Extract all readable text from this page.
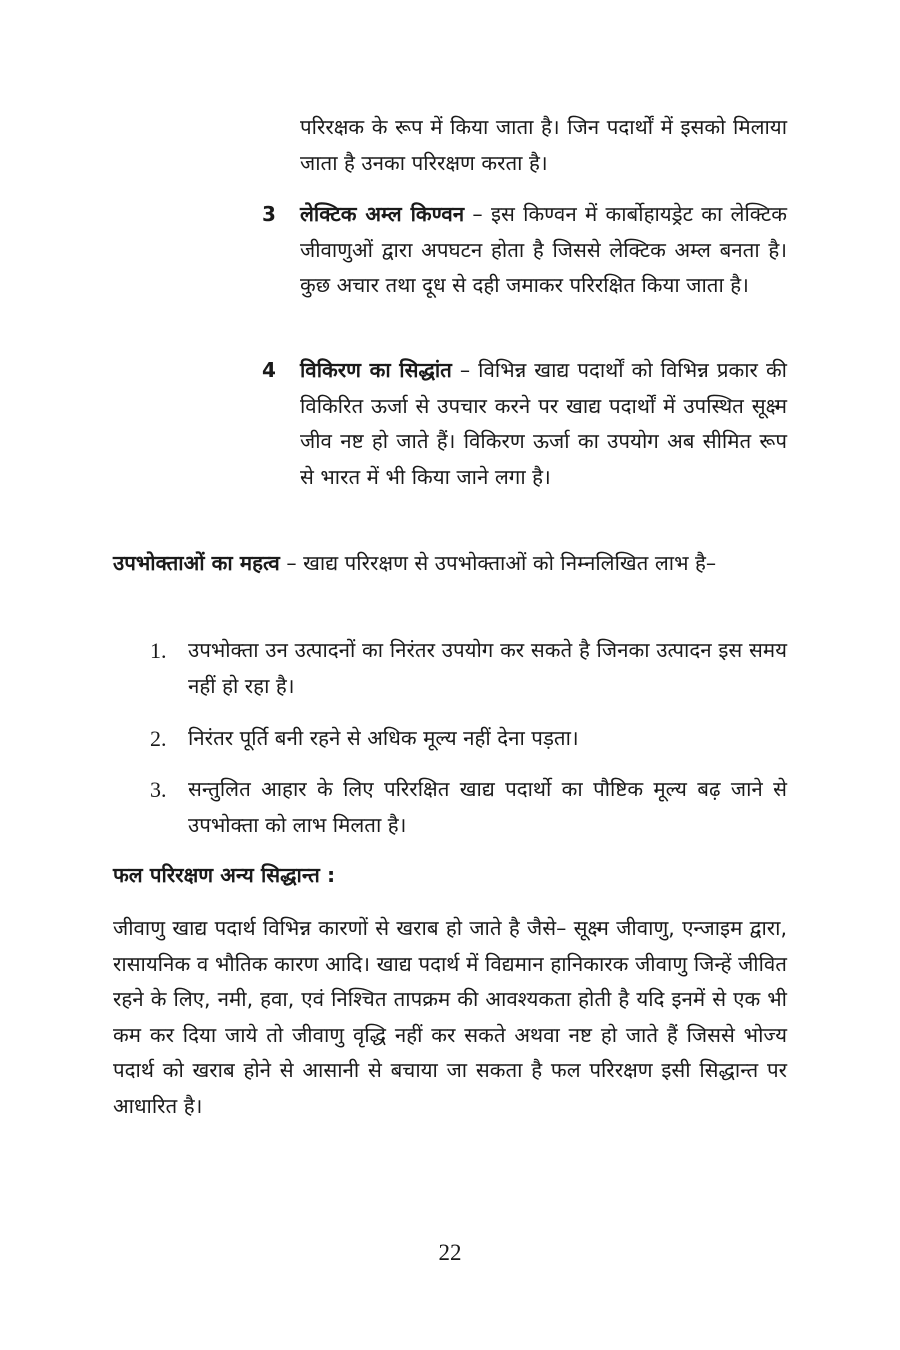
परिरक्षक के रूप में किया जाता है। जिन पदार्थों में इसको मिलाया जाता है उनका परिरक्षण करता है।

3	लेक्टिक अम्ल किण्वन – इस किण्वन में कार्बोहायड्रेट का लेक्टिक जीवाणुओं द्वारा अपघटन होता है जिससे लेक्टिक अम्ल बनता है। कुछ अचार तथा दूध से दही जमाकर परिरक्षित किया जाता है।

4	विकिरण का सिद्धांत – विभिन्न खाद्य पदार्थों को विभिन्न प्रकार की विकिरित ऊर्जा से उपचार करने पर खाद्य पदार्थों में उपस्थित सूक्ष्म जीव नष्ट हो जाते हैं। विकिरण ऊर्जा का उपयोग अब सीमित रूप से भारत में भी किया जाने लगा है।

उपभोक्ताओं का महत्व – खाद्य परिरक्षण से उपभोक्ताओं को निम्नलिखित लाभ है–

1.	उपभोक्ता उन उत्पादनों का निरंतर उपयोग कर सकते है जिनका उत्पादन इस समय नहीं हो रहा है।

2.	निरंतर पूर्ति बनी रहने से अधिक मूल्य नहीं देना पड़ता।

3.	सन्तुलित आहार के लिए परिरक्षित खाद्य पदार्थो का पौष्टिक मूल्य बढ़ जाने से उपभोक्ता को लाभ मिलता है।

फल परिरक्षण अन्य सिद्धान्त :

जीवाणु खाद्य पदार्थ विभिन्न कारणों से खराब हो जाते है जैसे– सूक्ष्म जीवाणु, एन्जाइम द्वारा, रासायनिक व भौतिक कारण आदि। खाद्य पदार्थ में विद्यमान हानिकारक जीवाणु जिन्हें जीवित रहने के लिए, नमी, हवा, एवं निश्चित तापक्रम की आवश्यकता होती है यदि इनमें से एक भी कम कर दिया जाये तो जीवाणु वृद्धि नहीं कर सकते अथवा नष्ट हो जाते हैं जिससे भोज्य पदार्थ को खराब होने से आसानी से बचाया जा सकता है फल परिरक्षण इसी सिद्धान्त पर आधारित है।

22
